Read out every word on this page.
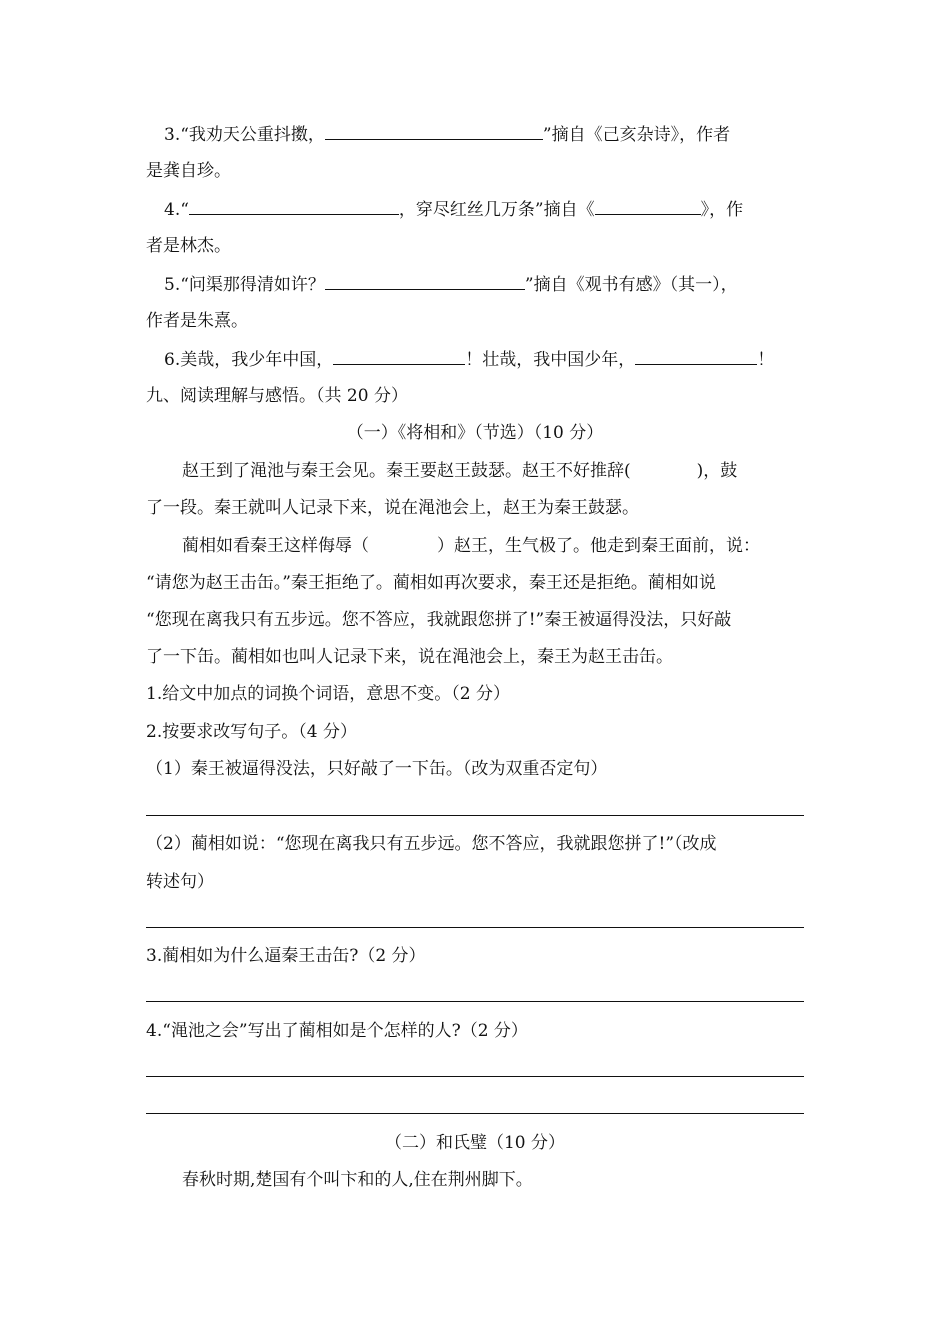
3.“我劝天公重抖擞，	”摘自《己亥杂诗》，作者
是龚自珍。
4.“	，穿尽红丝几万条”摘自《	》，作
者是林杰。
5.“问渠那得清如许？	”摘自《观书有感》（其一），
作者是朱熹。
6.美哉，我少年中国，	！壮哉，我中国少年，	！
九、阅读理解与感悟。（共 20 分）
（一）《将相和》（节选）（10 分）
赵王到了渑池与秦王会见。秦王要赵王鼓瑟。赵王不好推辞(	)，鼓
了一段。秦王就叫人记录下来，说在渑池会上，赵王为秦王鼓瑟。
蔺相如看秦王这样侮辱（	）赵王，生气极了。他走到秦王面前，说：
“请您为赵王击缶。”秦王拒绝了。蔺相如再次要求，秦王还是拒绝。蔺相如说
“您现在离我只有五步远。您不答应，我就跟您拼了!”秦王被逼得没法，只好敲
了一下缶。蔺相如也叫人记录下来，说在渑池会上，秦王为赵王击缶。
1.给文中加点的词换个词语，意思不变。（2 分）
2.按要求改写句子。（4 分）
（1）秦王被逼得没法，只好敲了一下缶。（改为双重否定句）
（2）蔺相如说：“您现在离我只有五步远。您不答应，我就跟您拼了!”（改成
转述句）
3.蔺相如为什么逼秦王击缶?（2 分）
4.“渑池之会”写出了蔺相如是个怎样的人?（2 分）
（二）和氏璧（10 分）
春秋时期,楚国有个叫卞和的人,住在荆州脚下。
